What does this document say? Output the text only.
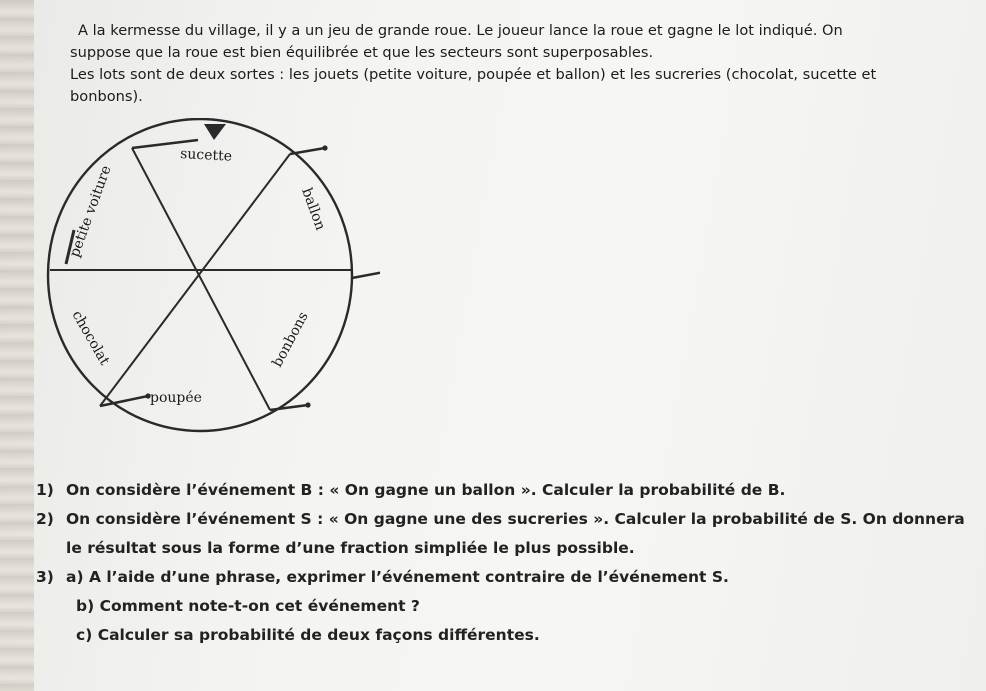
A la kermesse du village, il y a un jeu de grande roue. Le joueur lance la roue et gagne le lot indiqué. On

suppose que la roue est bien équilibrée et que les secteurs sont superposables.

Les lots sont de deux sortes : les jouets (petite voiture, poupée et ballon) et les sucreries (chocolat, sucette et

bonbons).

sucette
ballon
bonbons
poupée
chocolat
petite voiture

1) On considère l’événement B : « On gagne un ballon ». Calculer la probabilité de B.

2) On considère l’événement S : « On gagne une des sucreries ». Calculer la probabilité de S. On donnera

le résultat sous la forme d’une fraction simpliée le plus possible.

3) a) A l’aide d’une phrase, exprimer l’événement contraire de l’événement S.

b) Comment note-t-on cet événement ?

c) Calculer sa probabilité de deux façons différentes.
